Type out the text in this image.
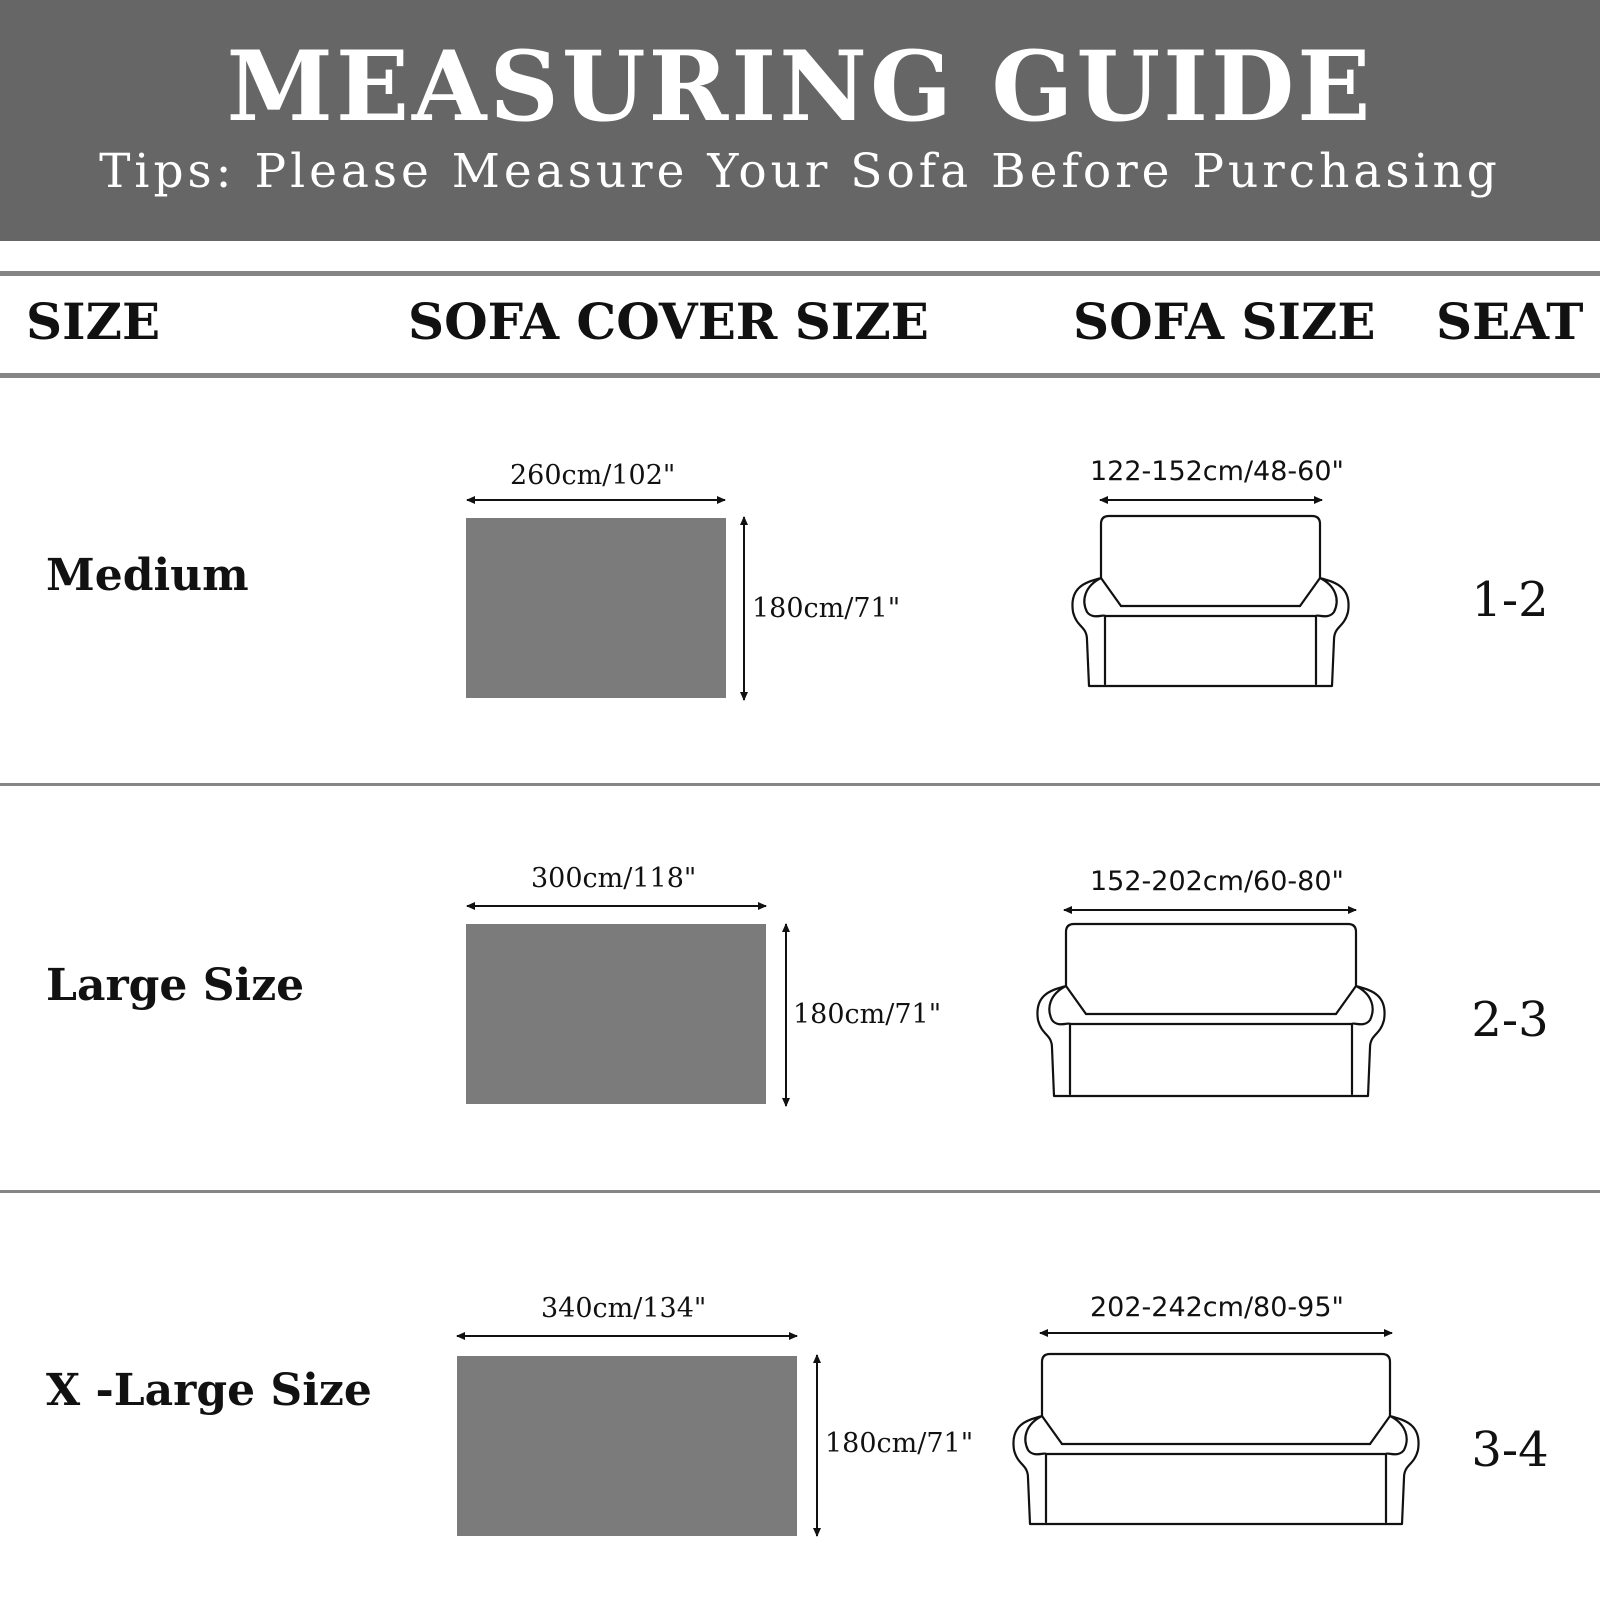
MEASURING GUIDE
Tips: Please Measure Your Sofa Before Purchasing
SIZE	SOFA COVER SIZE	SOFA SIZE SEAT
Medium
Large Size
X -Large Size
260cm/102"
180cm/71"
300cm/118"
180cm/71"
340cm/134"
180cm/71"
122-152cm/48-60"
152-202cm/60-80"
202-242cm/80-95"
1-2
2-3
3-4
